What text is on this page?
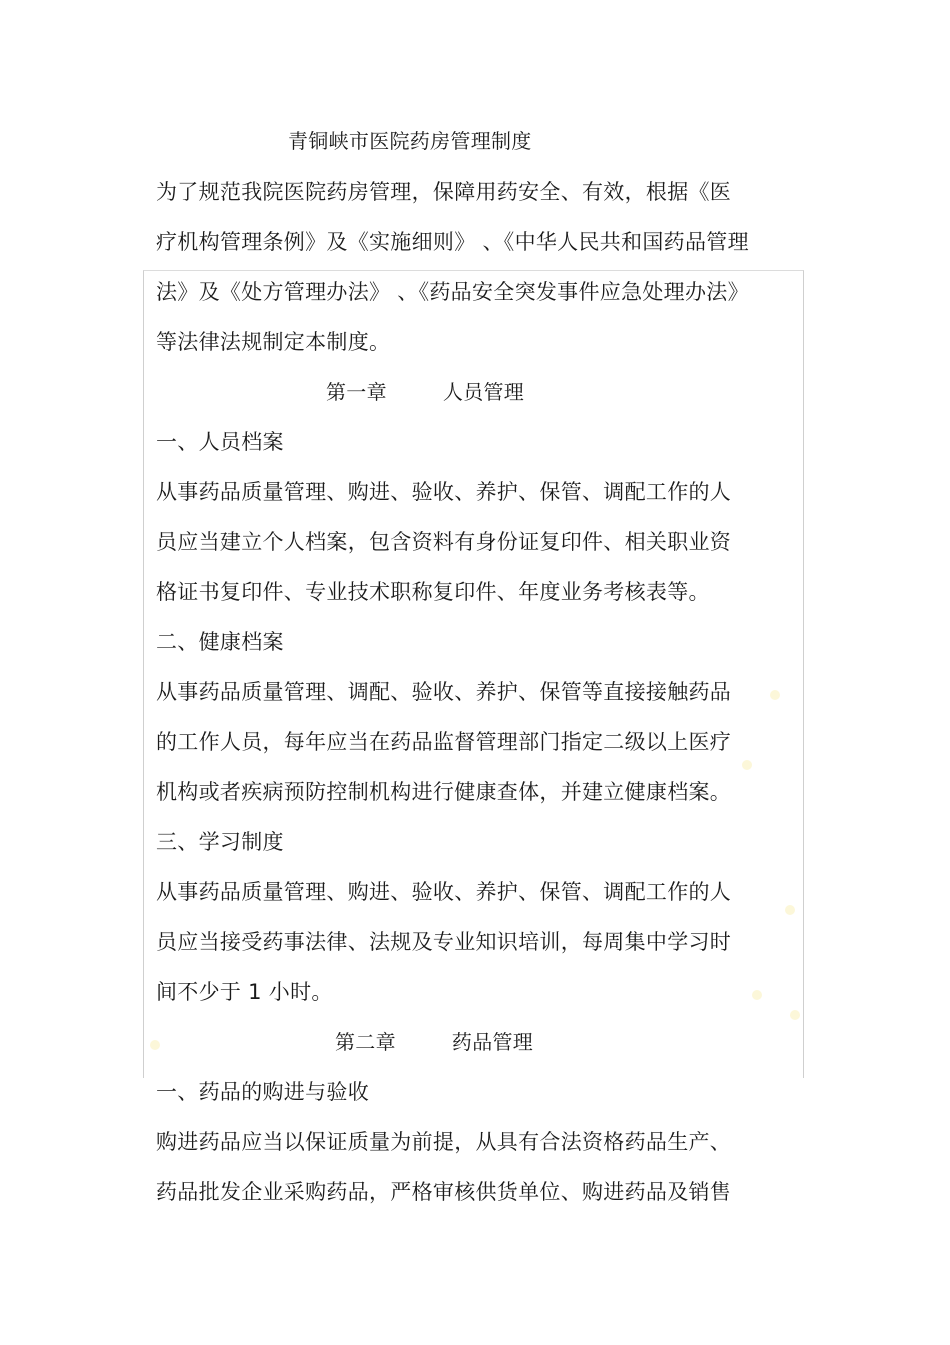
青铜峡市医院药房管理制度
为了规范我院医院药房管理，保障用药安全、有效，根据《医
疗机构管理条例》及《实施细则》 、《中华人民共和国药品管理
法》及《处方管理办法》 、《药品安全突发事件应急处理办法》
等法律法规制定本制度。
第一章	人员管理
一、人员档案
从事药品质量管理、购进、验收、养护、保管、调配工作的人
员应当建立个人档案，包含资料有身份证复印件、相关职业资
格证书复印件、专业技术职称复印件、年度业务考核表等。
二、健康档案
从事药品质量管理、调配、验收、养护、保管等直接接触药品
的工作人员，每年应当在药品监督管理部门指定二级以上医疗
机构或者疾病预防控制机构进行健康查体，并建立健康档案。
三、学习制度
从事药品质量管理、购进、验收、养护、保管、调配工作的人
员应当接受药事法律、法规及专业知识培训，每周集中学习时
间不少于 1 小时。
第二章	药品管理
一、药品的购进与验收
购进药品应当以保证质量为前提，从具有合法资格药品生产、
药品批发企业采购药品，严格审核供货单位、购进药品及销售
